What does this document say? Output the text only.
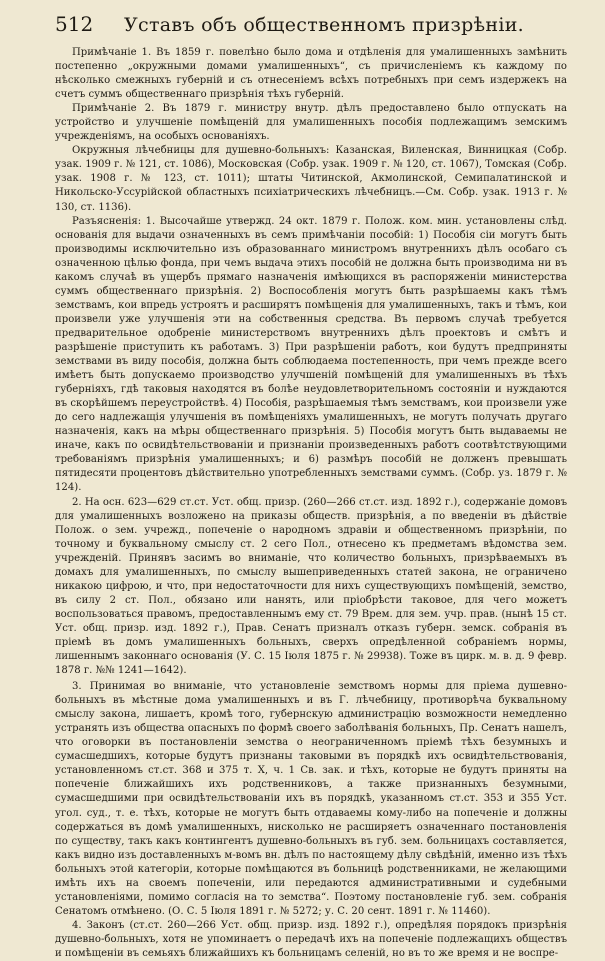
512	Уставъ объ общественномъ призрѣніи.

Примѣчаніе 1. Въ 1859 г. повелѣно было дома и отдѣленія для умалишенныхъ замѣнить постепенно „окружными домами умалишенныхъ“, съ причисленіемъ къ каждому по нѣсколько смежныхъ губерній и съ отнесеніемъ всѣхъ потребныхъ при семъ издержекъ на счетъ суммъ общественнаго призрѣнія тѣхъ губерній.

Примѣчаніе 2. Въ 1879 г. министру внутр. дѣлъ предоставлено было отпускать на устройство и улучшеніе помѣщеній для умалишенныхъ пособія подлежащимъ земскимъ учрежденіямъ, на особыхъ основаніяхъ.

Окружныя лѣчебницы для душевно-больныхъ: Казанская, Виленская, Винницкая (Собр. узак. 1909 г. № 121, ст. 1086), Московская (Собр. узак. 1909 г. № 120, ст. 1067), Томская (Собр. узак. 1908 г. № 123, ст. 1011); штаты Читинской, Акмолинской, Семипалатинской и Никольско-Уссурійской областныхъ психіатрическихъ лѣчебницъ.—См. Собр. узак. 1913 г. № 130, ст. 1136).

Разъясненія: 1. Высочайше утвержд. 24 окт. 1879 г. Полож. ком. мин. установлены слѣд. основанія для выдачи означенныхъ въ семъ примѣчаніи пособій: 1) Пособія сіи могутъ быть производимы исключительно изъ образованнаго министромъ внутреннихъ дѣлъ особаго съ означенною цѣлью фонда, при чемъ выдача этихъ пособій не должна быть производима ни въ какомъ случаѣ въ ущербъ прямаго назначенія имѣющихся въ распоряженіи министерства суммъ общественнаго призрѣнія. 2) Воспособленія могутъ быть разрѣшаемы какъ тѣмъ земствамъ, кои впредь устроятъ и расширятъ помѣщенія для умалишенныхъ, такъ и тѣмъ, кои произвели уже улучшенія эти на собственныя средства. Въ первомъ случаѣ требуется предварительное одобреніе министерствомъ внутреннихъ дѣлъ проектовъ и смѣтъ и разрѣшеніе приступить къ работамъ. 3) При разрѣшеніи работъ, кои будутъ предприняты земствами въ виду пособія, должна быть соблюдаема постепенность, при чемъ прежде всего имѣетъ быть допускаемо производство улучшеній помѣщеній для умалишенныхъ въ тѣхъ губерніяхъ, гдѣ таковыя находятся въ болѣе неудовлетворительномъ состояніи и нуждаются въ скорѣйшемъ переустройствѣ. 4) Пособія, разрѣшаемыя тѣмъ земствамъ, кои произвели уже до сего надлежащія улучшенія въ помѣщеніяхъ умалишенныхъ, не могутъ получать другаго назначенія, какъ на мѣры общественнаго призрѣнія. 5) Пособія могутъ быть выдаваемы не иначе, какъ по освидѣтельствованіи и признаніи произведенныхъ работъ соотвѣтствующими требованіямъ призрѣнія умалишенныхъ; и 6) размѣръ пособій не долженъ превышать пятидесяти процентовъ дѣйствительно употребленныхъ земствами суммъ. (Собр. уз. 1879 г. № 124).

2. На осн. 623—629 ст.ст. Уст. общ. призр. (260—266 ст.ст. изд. 1892 г.), содержаніе домовъ для умалишенныхъ возложено на приказы обществ. призрѣнія, а по введеніи въ дѣйствіе Полож. о зем. учрежд., попеченіе о народномъ здравіи и общественномъ призрѣніи, по точному и буквальному смыслу ст. 2 сего Пол., отнесено къ предметамъ вѣдомства зем. учрежденій. Принявъ засимъ во вниманіе, что количество больныхъ, призрѣваемыхъ въ домахъ для умалишенныхъ, по смыслу вышеприведенныхъ статей закона, не ограничено никакою цифрою, и что, при недостаточности для нихъ существующихъ помѣщеній, земство, въ силу 2 ст. Пол., обязано или нанять, или пріобрѣсти таковое, для чего можетъ воспользоваться правомъ, предоставленнымъ ему ст. 79 Врем. для зем. учр. прав. (нынѣ 15 ст. Уст. общ. призр. изд. 1892 г.), Прав. Сенатъ призналъ отказъ губерн. земск. собранія въ пріемѣ въ домъ умалишенныхъ больныхъ, сверхъ опредѣленной собраніемъ нормы, лишеннымъ законнаго основанія (У. С. 15 Іюля 1875 г. № 29938). Тоже въ цирк. м. в. д. 9 февр. 1878 г. №№ 1241—1642).

3. Принимая во вниманіе, что установленіе земствомъ нормы для пріема душевно-больныхъ въ мѣстные дома умалишенныхъ и въ Г. лѣчебницу, противорѣча буквальному смыслу закона, лишаетъ, кромѣ того, губернскую администрацію возможности немедленно устранять изъ общества опасныхъ по формѣ своего заболѣванія больныхъ, Пр. Сенатъ нашелъ, что оговорки въ постановленіи земства о неограниченномъ пріемѣ тѣхъ безумныхъ и сумасшедшихъ, которые будутъ признаны таковыми въ порядкѣ ихъ освидѣтельствованія, установленномъ ст.ст. 368 и 375 т. X, ч. 1 Св. зак. и тѣхъ, которые не будутъ приняты на попеченіе ближайшихъ ихъ родственниковъ, а также признанныхъ безумными, сумасшедшими при освидѣтельствованіи ихъ въ порядкѣ, указанномъ ст.ст. 353 и 355 Уст. угол. суд., т. е. тѣхъ, которые не могутъ быть отдаваемы кому-либо на попеченіе и должны содержаться въ домѣ умалишенныхъ, нисколько не расширяетъ означеннаго постановленія по существу, такъ какъ контингентъ душевно-больныхъ въ губ. зем. больницахъ составляется, какъ видно изъ доставленныхъ м-вомъ вн. дѣлъ по настоящему дѣлу свѣдѣній, именно изъ тѣхъ больныхъ этой категоріи, которые помѣщаются въ больницѣ родственниками, не желающими имѣть ихъ на своемъ попеченіи, или передаются административными и судебными установленіями, помимо согласія на то земства“. Поэтому постановленіе губ. зем. собранія Сенатомъ отмѣнено. (О. С. 5 Іюля 1891 г. № 5272; у. С. 20 сент. 1891 г. № 11460).

4. Законъ (ст.ст. 260—266 Уст. общ. призр. изд. 1892 г.), опредѣляя порядокъ призрѣнія душевно-больныхъ, хотя не упоминаетъ о передачѣ ихъ на попеченіе подлежащихъ обществъ и помѣщеніи въ семьяхъ ближайшихъ къ больницамъ селеній, но въ то же время и не воспре-
